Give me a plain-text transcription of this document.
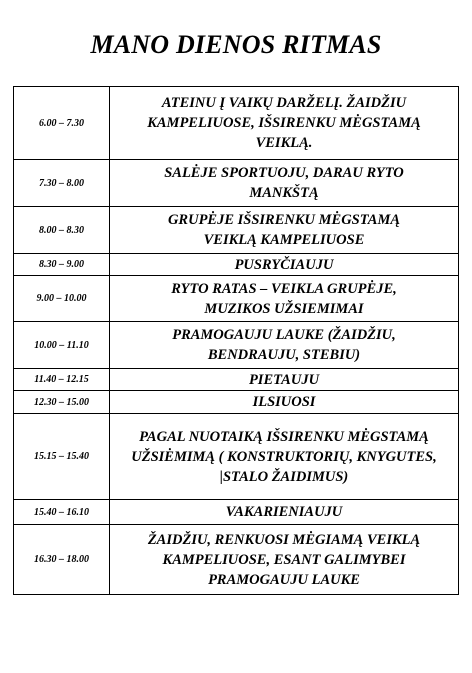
MANO DIENOS RITMAS
6.00 – 7.30	ATEINU Į VAIKŲ DARŽELĮ. ŽAIDŽIU KAMPELIUOSE, IŠSIRENKU MĖGSTAMĄ VEIKLĄ.
7.30 – 8.00	SALĖJE SPORTUOJU, DARAU RYTO MANKŠTĄ
8.00 – 8.30	GRUPĖJE IŠSIRENKU MĖGSTAMĄ VEIKLĄ KAMPELIUOSE
8.30 – 9.00	PUSRYČIAUJU
9.00 – 10.00	RYTO RATAS – VEIKLA GRUPĖJE, MUZIKOS UŽSIEMIMAI
10.00 – 11.10	PRAMOGAUJU LAUKE (ŽAIDŽIU, BENDRAUJU, STEBIU)
11.40 – 12.15	PIETAUJU
12.30 – 15.00	ILSIUOSI
15.15 – 15.40	PAGAL NUOTAIKĄ IŠSIRENKU MĖGSTAMĄ UŽSIĖMIMĄ ( KONSTRUKTORIŲ, KNYGUTES, |STALO ŽAIDIMUS)
15.40 – 16.10	VAKARIENIAUJU
16.30 – 18.00	ŽAIDŽIU, RENKUOSI MĖGIAMĄ VEIKLĄ KAMPELIUOSE, ESANT GALIMYBEI PRAMOGAUJU LAUKE
